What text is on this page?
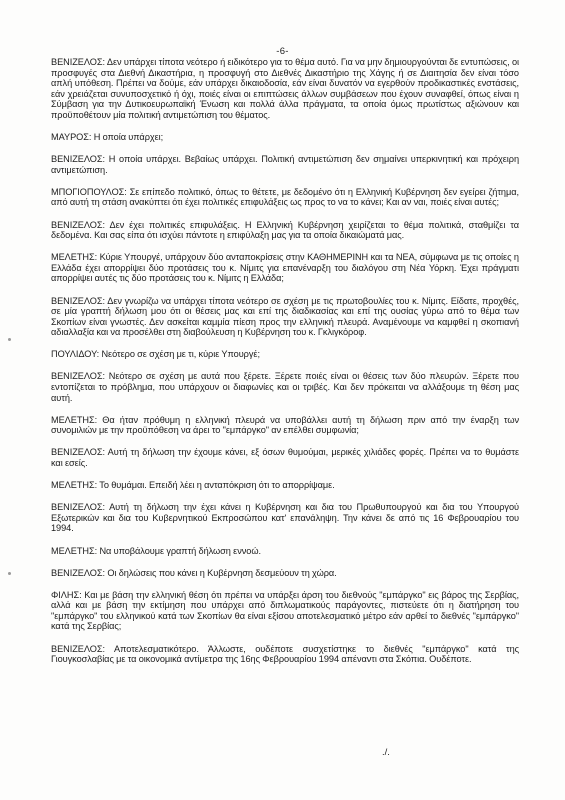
-6-

ΒΕΝΙΖΕΛΟΣ: Δεν υπάρχει τίποτα νεότερο ή ειδικότερο για το θέμα αυτό. Για να μην δημιουργούνται δε εντυπώσεις, οι προσφυγές στα Διεθνή Δικαστήρια, η προσφυγή στο Διεθνές Δικαστήριο της Χάγης ή σε Διαιτησία δεν είναι τόσο απλή υπόθεση. Πρέπει να δούμε, εάν υπάρχει δικαιοδοσία, εάν είναι δυνατόν να εγερθούν προδικαστικές ενστάσεις, εάν χρειάζεται συνυποσχετικό ή όχι, ποιές είναι οι επιπτώσεις άλλων συμβάσεων που έχουν συναφθεί, όπως είναι η Σύμβαση για την Δυτικοευρωπαϊκή Ένωση και πολλά άλλα πράγματα, τα οποία όμως πρωτίστως αξιώνουν και προϋποθέτουν μία πολιτική αντιμετώπιση του θέματος.

ΜΑΥΡΟΣ: Η οποία υπάρχει;

ΒΕΝΙΖΕΛΟΣ: Η οποία υπάρχει. Βεβαίως υπάρχει. Πολιτική αντιμετώπιση δεν σημαίνει υπερκινητική και πρόχειρη αντιμετώπιση.

ΜΠΟΓΙΟΠΟΥΛΟΣ: Σε επίπεδο πολιτικό, όπως το θέτετε, με δεδομένο ότι η Ελληνική Κυβέρνηση δεν εγείρει ζήτημα, από αυτή τη στάση ανακύπτει ότι έχει πολιτικές επιφυλάξεις ως προς το να το κάνει; Και αν ναι, ποιές είναι αυτές;

ΒΕΝΙΖΕΛΟΣ: Δεν έχει πολιτικές επιφυλάξεις. Η Ελληνική Κυβέρνηση χειρίζεται το θέμα πολιτικά, σταθμίζει τα δεδομένα. Και σας είπα ότι ισχύει πάντοτε η επιφύλαξη μας για τα οποία δικαιώματά μας.

ΜΕΛΕΤΗΣ: Κύριε Υπουργέ, υπάρχουν δύο ανταποκρίσεις στην ΚΑΘΗΜΕΡΙΝΗ και τα ΝΕΑ, σύμφωνα με τις οποίες η Ελλάδα έχει απορρίψει δύο προτάσεις του κ. Νίμιτς για επανέναρξη του διαλόγου στη Νέα Υόρκη. Έχει πράγματι απορρίψει αυτές τις δύο προτάσεις του κ. Νίμιτς η Ελλάδα;

ΒΕΝΙΖΕΛΟΣ: Δεν γνωρίζω να υπάρχει τίποτα νεότερο σε σχέση με τις πρωτοβουλίες του κ. Νίμιτς. Είδατε, προχθές, σε μία γραπτή δήλωση μου ότι οι θέσεις μας και επί της διαδικασίας και επί της ουσίας γύρω από το θέμα των Σκοπίων είναι γνωστές. Δεν ασκείται καμμία πίεση προς την ελληνική πλευρά. Αναμένουμε να καμφθεί η σκοπιανή αδιαλλαξία και να προσέλθει στη διαβούλευση η Κυβέρνηση του κ. Γκλιγκόροφ.

ΠΟΥΛΙΔΟΥ: Νεότερο σε σχέση με τι, κύριε Υπουργέ;

ΒΕΝΙΖΕΛΟΣ: Νεότερο σε σχέση με αυτά που ξέρετε. Ξέρετε ποιές είναι οι θέσεις των δύο πλευρών. Ξέρετε που εντοπίζεται το πρόβλημα, που υπάρχουν οι διαφωνίες και οι τριβές. Και δεν πρόκειται να αλλάξουμε τη θέση μας αυτή.

ΜΕΛΕΤΗΣ: Θα ήταν πρόθυμη η ελληνική πλευρά να υποβάλλει αυτή τη δήλωση πριν από την έναρξη των συνομιλιών με την προϋπόθεση να άρει το "εμπάργκο" αν επέλθει συμφωνία;

ΒΕΝΙΖΕΛΟΣ: Αυτή τη δήλωση την έχουμε κάνει, εξ όσων θυμούμαι, μερικές χιλιάδες φορές. Πρέπει να το θυμάστε και εσείς.

ΜΕΛΕΤΗΣ: Το θυμάμαι. Επειδή λέει η ανταπόκριση ότι το απορρίψαμε.

ΒΕΝΙΖΕΛΟΣ: Αυτή τη δήλωση την έχει κάνει η Κυβέρνηση και δια του Πρωθυπουργού και δια του Υπουργού Εξωτερικών και δια του Κυβερνητικού Εκπροσώπου κατ' επανάληψη. Την κάνει δε από τις 16 Φεβρουαρίου του 1994.

ΜΕΛΕΤΗΣ: Να υποβάλουμε γραπτή δήλωση εννοώ.

ΒΕΝΙΖΕΛΟΣ: Οι δηλώσεις που κάνει η Κυβέρνηση δεσμεύουν τη χώρα.

ΦΙΛΗΣ: Και με βάση την ελληνική θέση ότι πρέπει να υπάρξει άρση του διεθνούς "εμπάργκο" εις βάρος της Σερβίας, αλλά και με βάση την εκτίμηση που υπάρχει από διπλωματικούς παράγοντες, πιστεύετε ότι η διατήρηση του "εμπάργκο" του ελληνικού κατά των Σκοπίων θα είναι εξίσου αποτελεσματικό μέτρο εάν αρθεί το διεθνές "εμπάργκο" κατά της Σερβίας;

ΒΕΝΙΖΕΛΟΣ: Αποτελεσματικότερο. Άλλωστε, ουδέποτε συσχετίστηκε το διεθνές "εμπάργκο" κατά της Γιουγκοσλαβίας με τα οικονομικά αντίμετρα της 16ης Φεβρουαρίου 1994 απέναντι στα Σκόπια. Ουδέποτε.

./.
